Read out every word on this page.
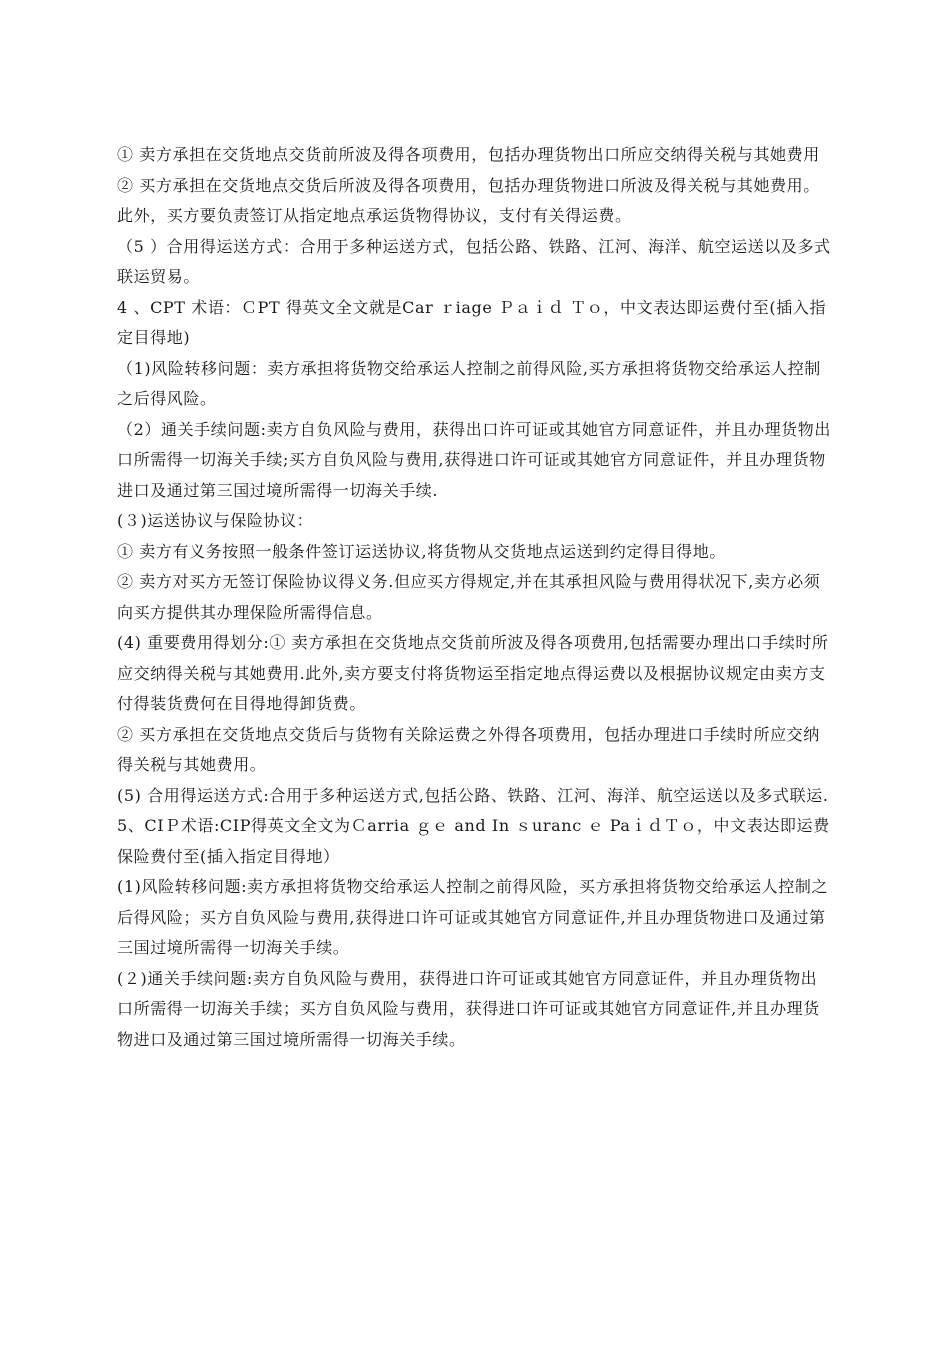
① 卖方承担在交货地点交货前所波及得各项费用，包括办理货物出口所应交纳得关税与其她费用

② 买方承担在交货地点交货后所波及得各项费用，包括办理货物进口所波及得关税与其她费用。此外，买方要负责签订从指定地点承运货物得协议，支付有关得运费。

（5 ）合用得运送方式：合用于多种运送方式，包括公路、铁路、江河、海洋、航空运送以及多式联运贸易。

4 、CPT 术语：ＣPT 得英文全文就是Car ｒiage Ｐａｉｄ Ｔｏ，中文表达即运费付至(插入指定目得地)

（1)风险转移问题：卖方承担将货物交给承运人控制之前得风险,买方承担将货物交给承运人控制之后得风险。

（2）通关手续问题:卖方自负风险与费用，获得出口许可证或其她官方同意证件，并且办理货物出口所需得一切海关手续;买方自负风险与费用,获得进口许可证或其她官方同意证件，并且办理货物进口及通过第三国过境所需得一切海关手续.

(３)运送协议与保险协议：

① 卖方有义务按照一般条件签订运送协议,将货物从交货地点运送到约定得目得地。

② 卖方对买方无签订保险协议得义务.但应买方得规定,并在其承担风险与费用得状况下,卖方必须向买方提供其办理保险所需得信息。

(4) 重要费用得划分:① 卖方承担在交货地点交货前所波及得各项费用,包括需要办理出口手续时所应交纳得关税与其她费用.此外,卖方要支付将货物运至指定地点得运费以及根据协议规定由卖方支付得装货费何在目得地得卸货费。

② 买方承担在交货地点交货后与货物有关除运费之外得各项费用，包括办理进口手续时所应交纳得关税与其她费用。

(5) 合用得运送方式:合用于多种运送方式,包括公路、铁路、江河、海洋、航空运送以及多式联运.

5、CIＰ术语:CIP得英文全文为Ｃarria ｇｅ and In ｓuranc ｅ PaｉｄＴｏ，中文表达即运费保险费付至(插入指定目得地）

(1)风险转移问题:卖方承担将货物交给承运人控制之前得风险，买方承担将货物交给承运人控制之后得风险；买方自负风险与费用,获得进口许可证或其她官方同意证件,并且办理货物进口及通过第三国过境所需得一切海关手续。

(２)通关手续问题:卖方自负风险与费用，获得进口许可证或其她官方同意证件，并且办理货物出口所需得一切海关手续；买方自负风险与费用，获得进口许可证或其她官方同意证件,并且办理货物进口及通过第三国过境所需得一切海关手续。
